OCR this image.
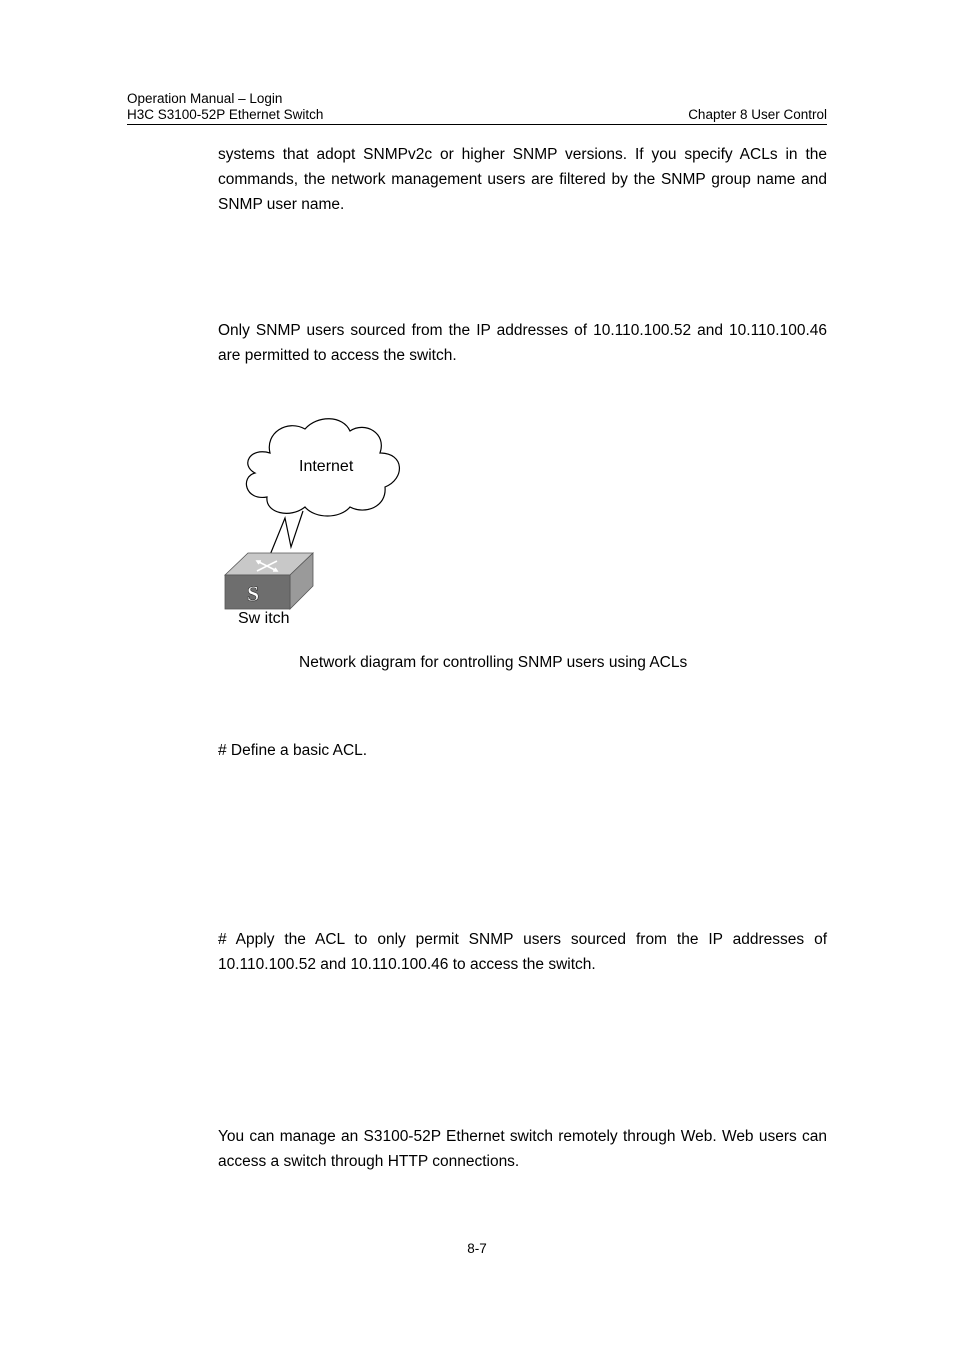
Operation Manual – Login
H3C S3100-52P Ethernet Switch	Chapter 8 User Control
systems that adopt SNMPv2c or higher SNMP versions. If you specify ACLs in the commands, the network management users are filtered by the SNMP group name and SNMP user name.
Only SNMP users sourced from the IP addresses of 10.110.100.52 and 10.110.100.46 are permitted to access the switch.
Internet
S
Sw itch
Network diagram for controlling SNMP users using ACLs
# Define a basic ACL.
# Apply the ACL to only permit SNMP users sourced from the IP addresses of 10.110.100.52 and 10.110.100.46 to access the switch.
You can manage an S3100-52P Ethernet switch remotely through Web. Web users can access a switch through HTTP connections.
8-7
